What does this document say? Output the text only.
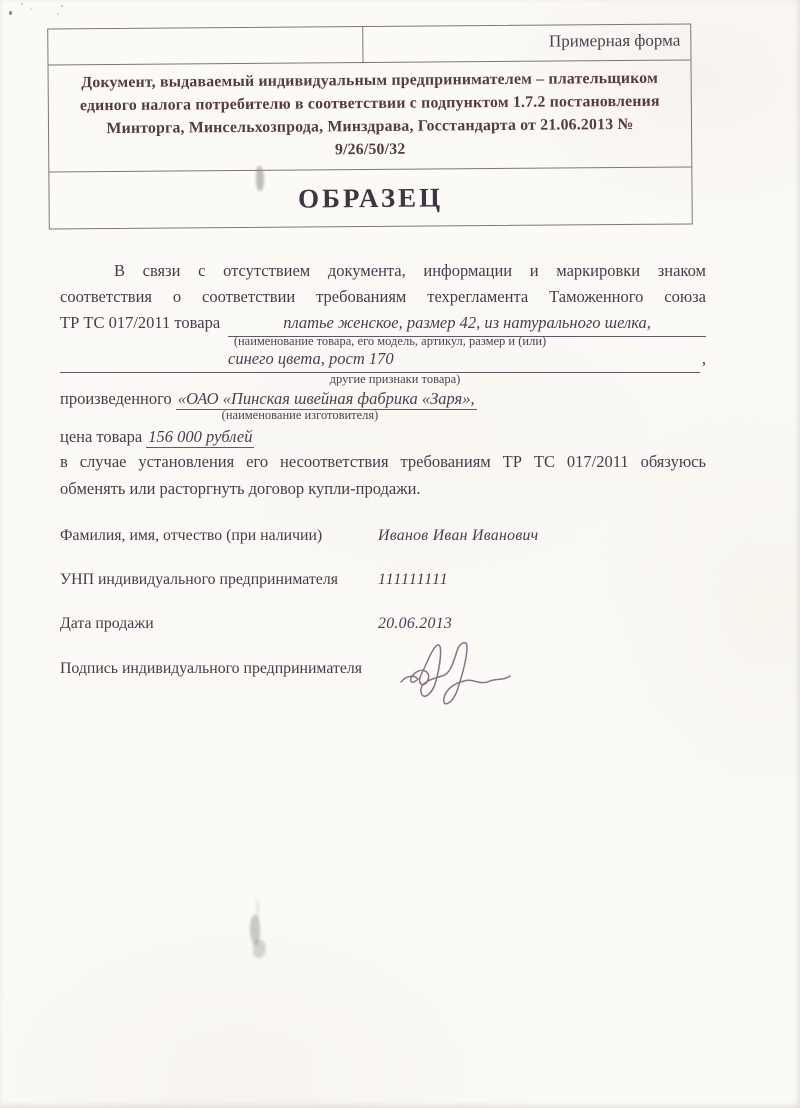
Примерная форма
Документ, выдаваемый индивидуальным предпринимателем – плательщиком
единого налога потребителю в соответствии с подпунктом 1.7.2 постановления
Минторга, Минсельхозпрода, Минздрава, Госстандарта от 21.06.2013 №
9/26/50/32
ОБРАЗЕЦ
В связи с отсутствием документа, информации и маркировки знаком
соответствия о соответствии требованиям техрегламента Таможенного союза
ТР ТС 017/2011 товара	платье женское, размер 42, из натурального шелка,
(наименование товара, его модель, артикул, размер и (или)
синего цвета, рост 170	,
другие признаки товара)
произведенного «ОАО «Пинская швейная фабрика «Заря»,
(наименование изготовителя)
цена товара 156 000 рублей
в случае установления его несоответствия требованиям ТР ТС 017/2011 обязуюсь
обменять или расторгнуть договор купли-продажи.
Фамилия, имя, отчество (при наличии)	Иванов Иван Иванович
УНП индивидуального предпринимателя	111111111
Дата продажи	20.06.2013
Подпись индивидуального предпринимателя
